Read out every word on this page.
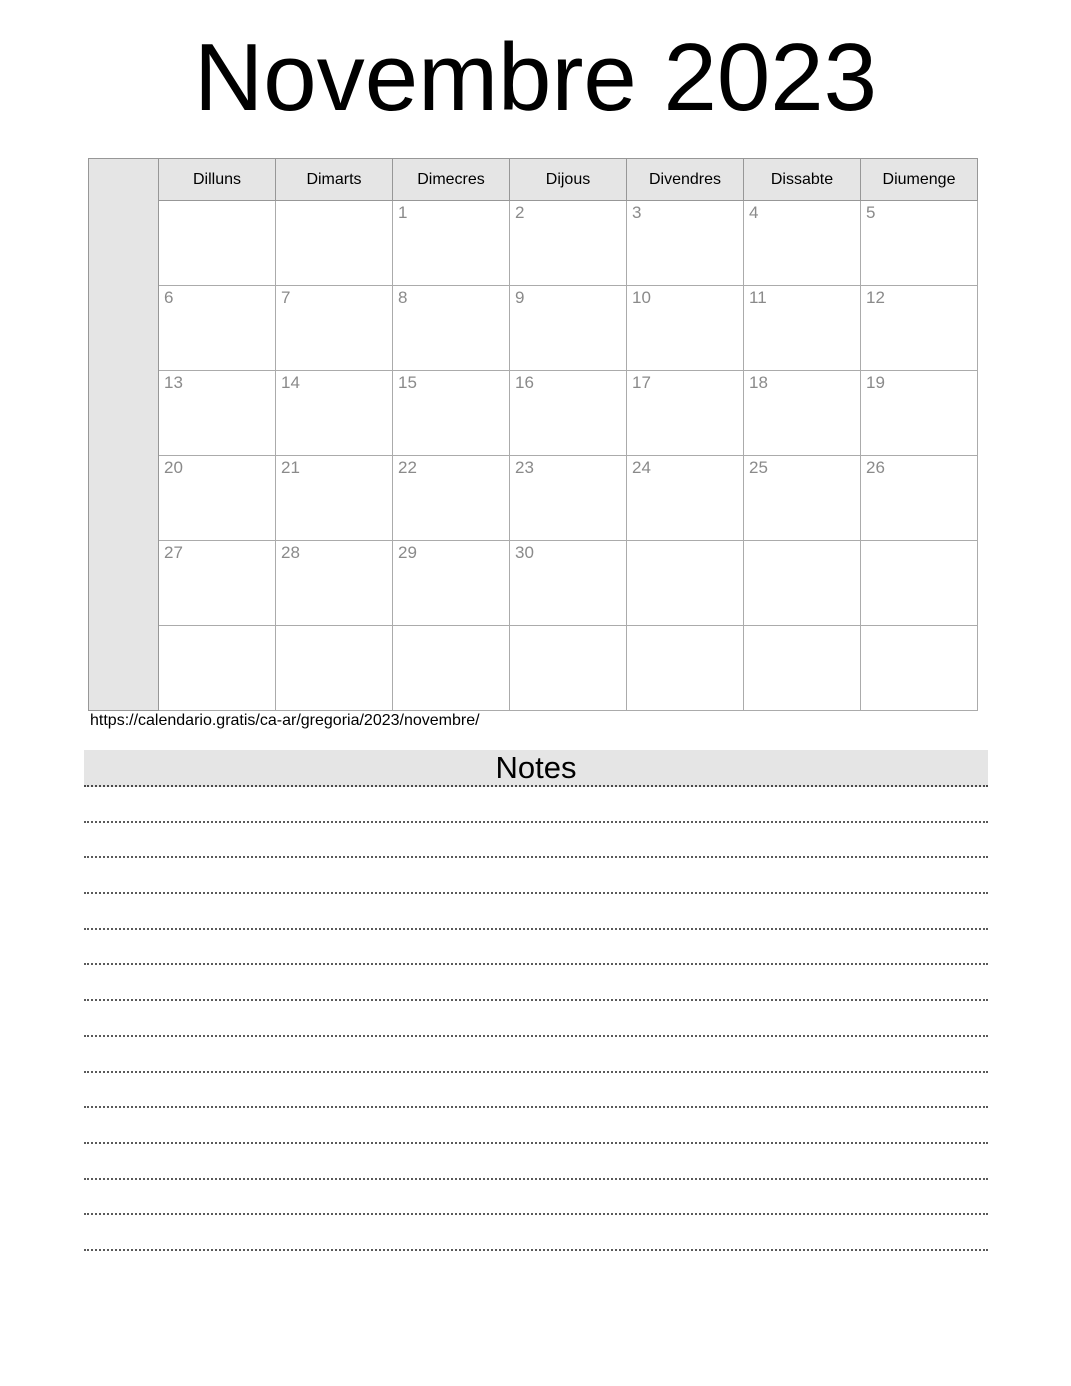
Novembre 2023
	Dilluns	Dimarts	Dimecres	Dijous	Divendres	Dissabte	Diumenge

			1	2	3	4	5

	6	7	8	9	10	11	12

	13	14	15	16	17	18	19

	20	21	22	23	24	25	26

	27	28	29	30			

https://calendario.gratis/ca-ar/gregoria/2023/novembre/
Notes
